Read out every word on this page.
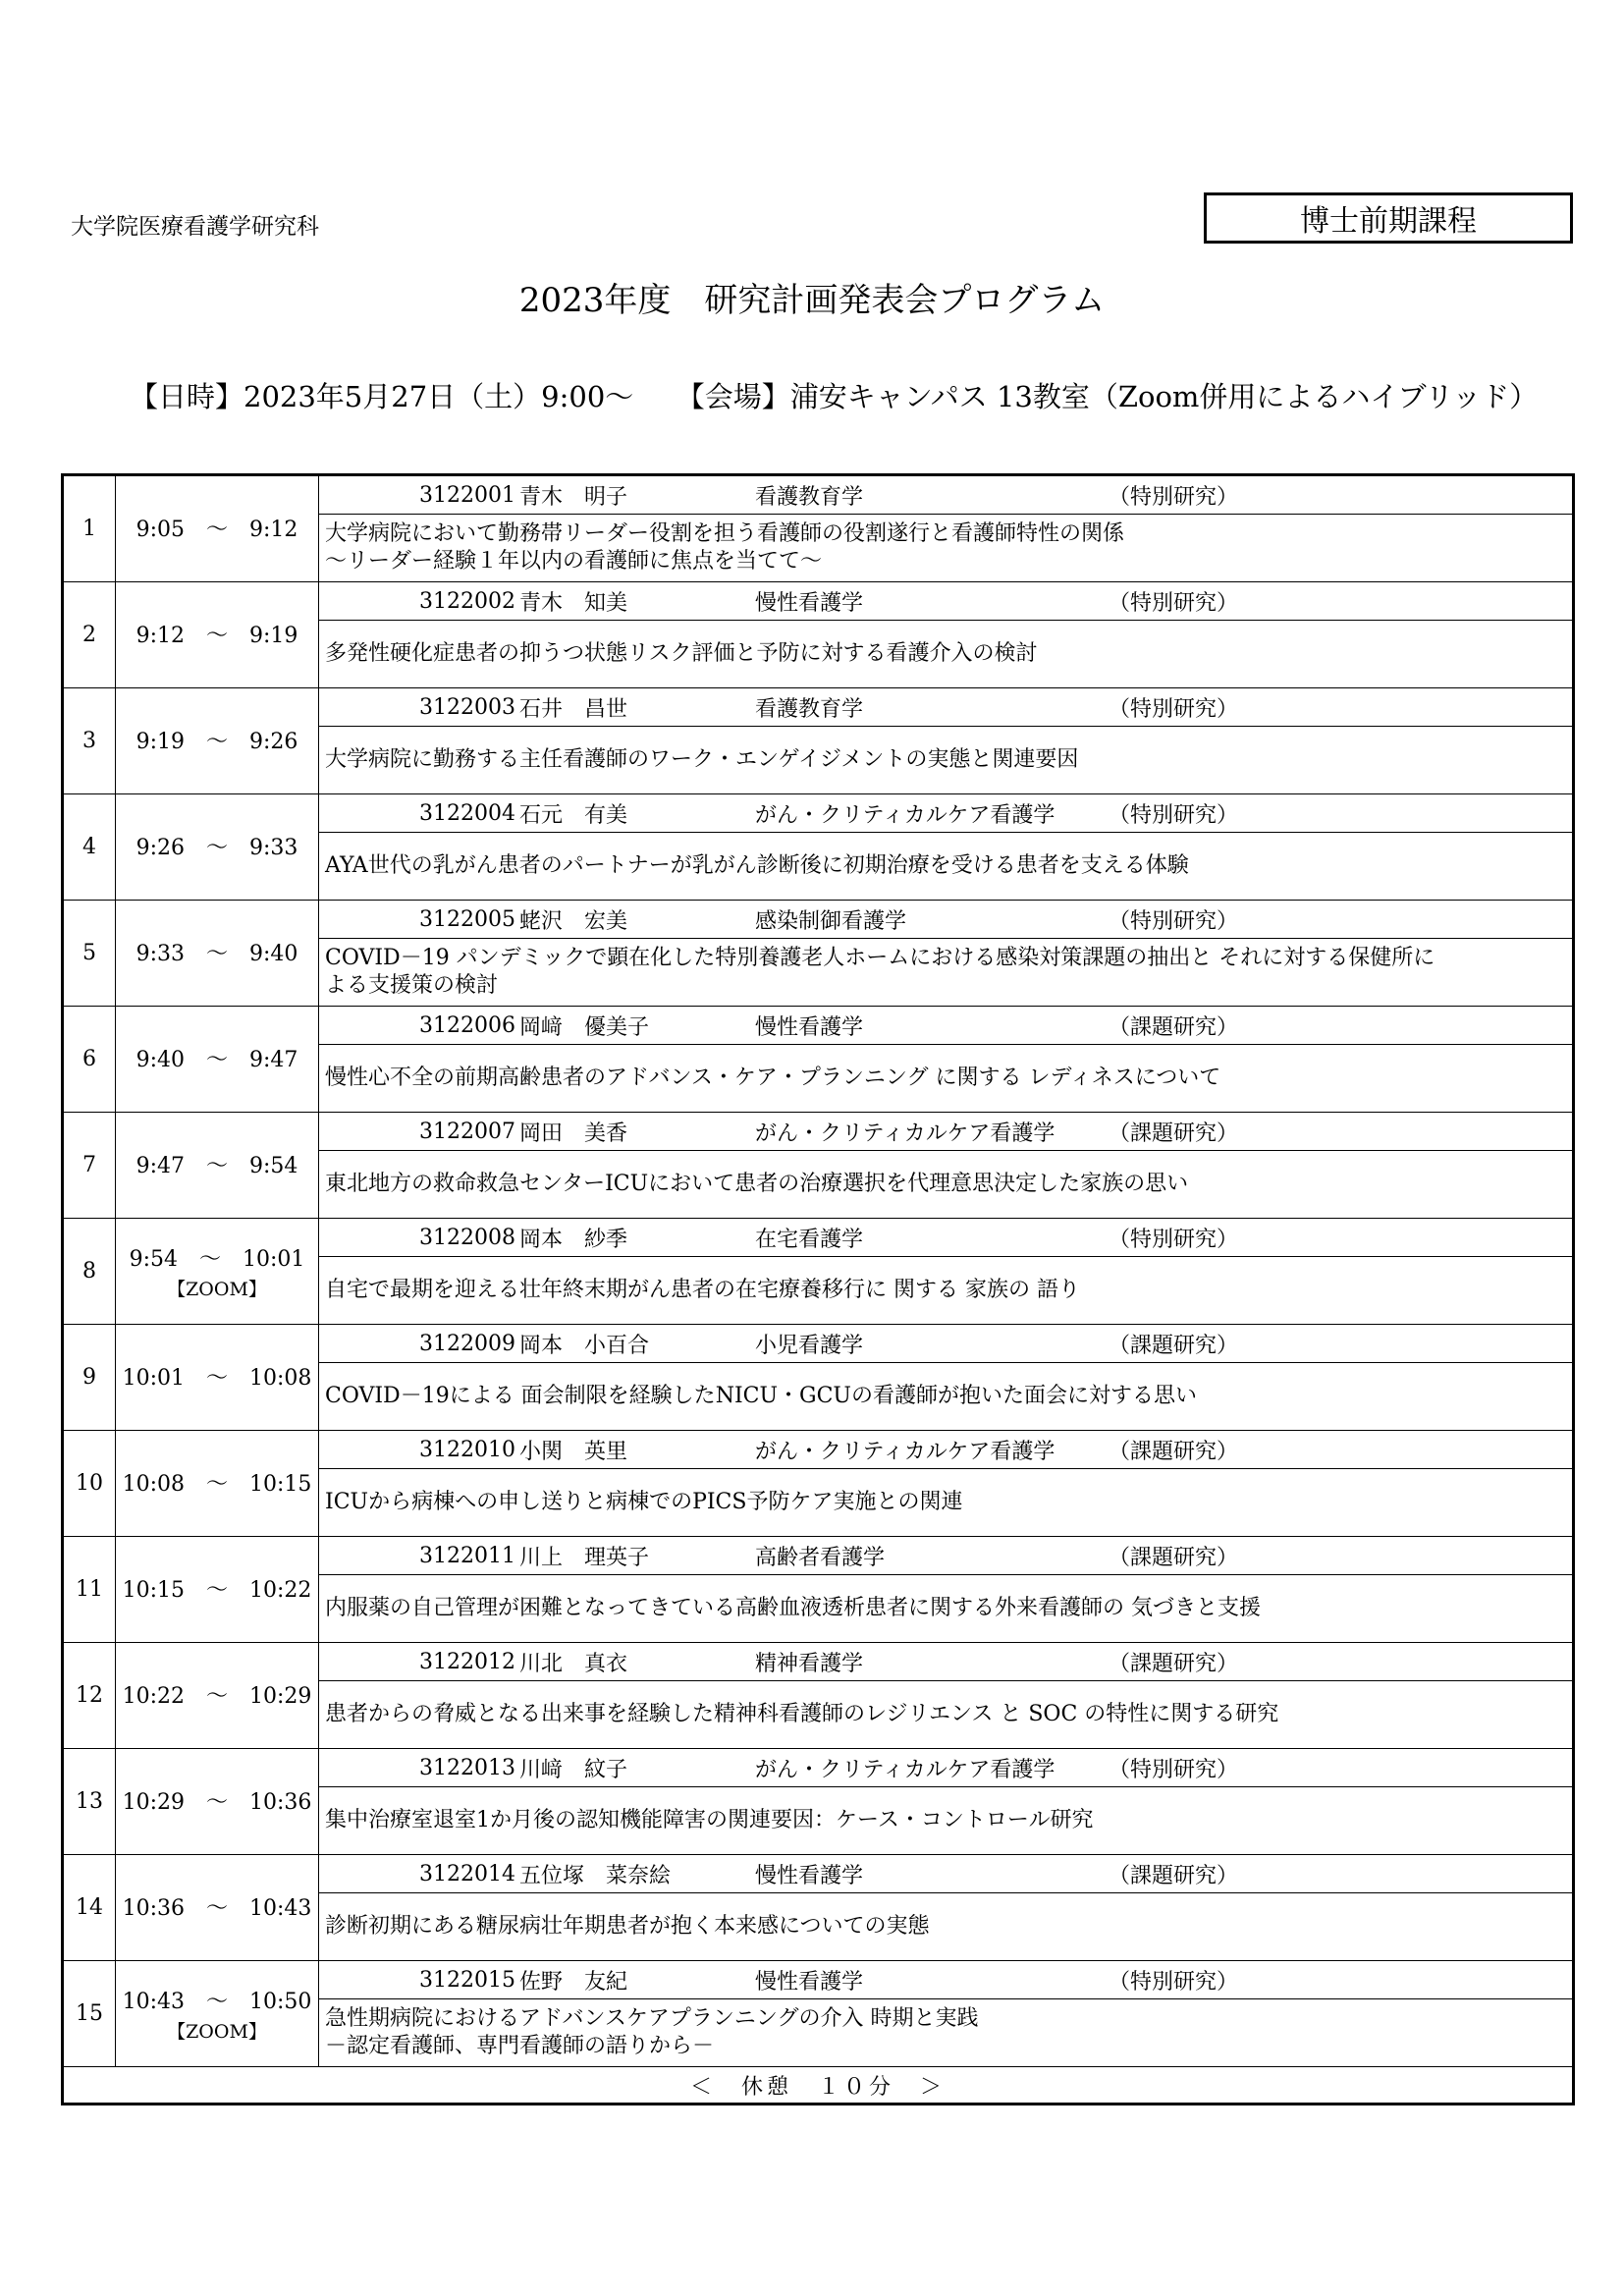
大学院医療看護学研究科	博士前期課程
2023年度　研究計画発表会プログラム
【日時】2023年5月27日（土）9:00～　　【会場】浦安キャンパス 13教室（Zoom併用によるハイブリッド）
1	9:05　～　9:12	3122001 青木　明子 看護教育学 （特別研究）

		大学病院において勤務帯リーダー役割を担う看護師の役割遂行と看護師特性の関係
～リーダー経験１年以内の看護師に焦点を当てて～

2	9:12　～　9:19	3122002 青木　知美 慢性看護学 （特別研究）

		多発性硬化症患者の抑うつ状態リスク評価と予防に対する看護介入の検討

3	9:19　～　9:26	3122003 石井　昌世 看護教育学 （特別研究）

		大学病院に勤務する主任看護師のワーク・エンゲイジメントの実態と関連要因

4	9:26　～　9:33	3122004 石元　有美 がん・クリティカルケア看護学 （特別研究）

		AYA世代の乳がん患者のパートナーが乳がん診断後に初期治療を受ける患者を支える体験

5	9:33　～　9:40	3122005 蛯沢　宏美 感染制御看護学 （特別研究）

		COVID－19 パンデミックで顕在化した特別養護老人ホームにおける感染対策課題の抽出と それに対する保健所に
よる支援策の検討

6	9:40　～　9:47	3122006 岡﨑　優美子 慢性看護学 （課題研究）

		慢性心不全の前期高齢患者のアドバンス・ケア・プランニング に関する レディネスについて

7	9:47　～　9:54	3122007 岡田　美香 がん・クリティカルケア看護学 （課題研究）

		東北地方の救命救急センターICUにおいて患者の治療選択を代理意思決定した家族の思い

8	9:54　～　10:01
【ZOOM】	3122008 岡本　紗季 在宅看護学 （特別研究）

		自宅で最期を迎える壮年終末期がん患者の在宅療養移行に 関する 家族の 語り

9	10:01　～　10:08	3122009 岡本　小百合 小児看護学 （課題研究）

		COVID－19による 面会制限を経験したNICU・GCUの看護師が抱いた面会に対する思い

10	10:08　～　10:15	3122010 小関　英里 がん・クリティカルケア看護学 （課題研究）

		ICUから病棟への申し送りと病棟でのPICS予防ケア実施との関連

11	10:15　～　10:22	3122011 川上　理英子 高齢者看護学 （課題研究）

		内服薬の自己管理が困難となってきている高齢血液透析患者に関する外来看護師の 気づきと支援

12	10:22　～　10:29	3122012 川北　真衣 精神看護学 （課題研究）

		患者からの脅威となる出来事を経験した精神科看護師のレジリエンス と SOC の特性に関する研究

13	10:29　～　10:36	3122013 川﨑　紋子 がん・クリティカルケア看護学 （特別研究）

		集中治療室退室1か月後の認知機能障害の関連要因：ケース・コントロール研究

14	10:36　～　10:43	3122014 五位塚　菜奈絵 慢性看護学 （課題研究）

		診断初期にある糖尿病壮年期患者が抱く本来感についての実態

15	10:43　～　10:50
【ZOOM】	3122015 佐野　友紀 慢性看護学 （特別研究）

		急性期病院におけるアドバンスケアプランニングの介入 時期と実践
－認定看護師、専門看護師の語りから－

＜　休憩　１０分　＞		
